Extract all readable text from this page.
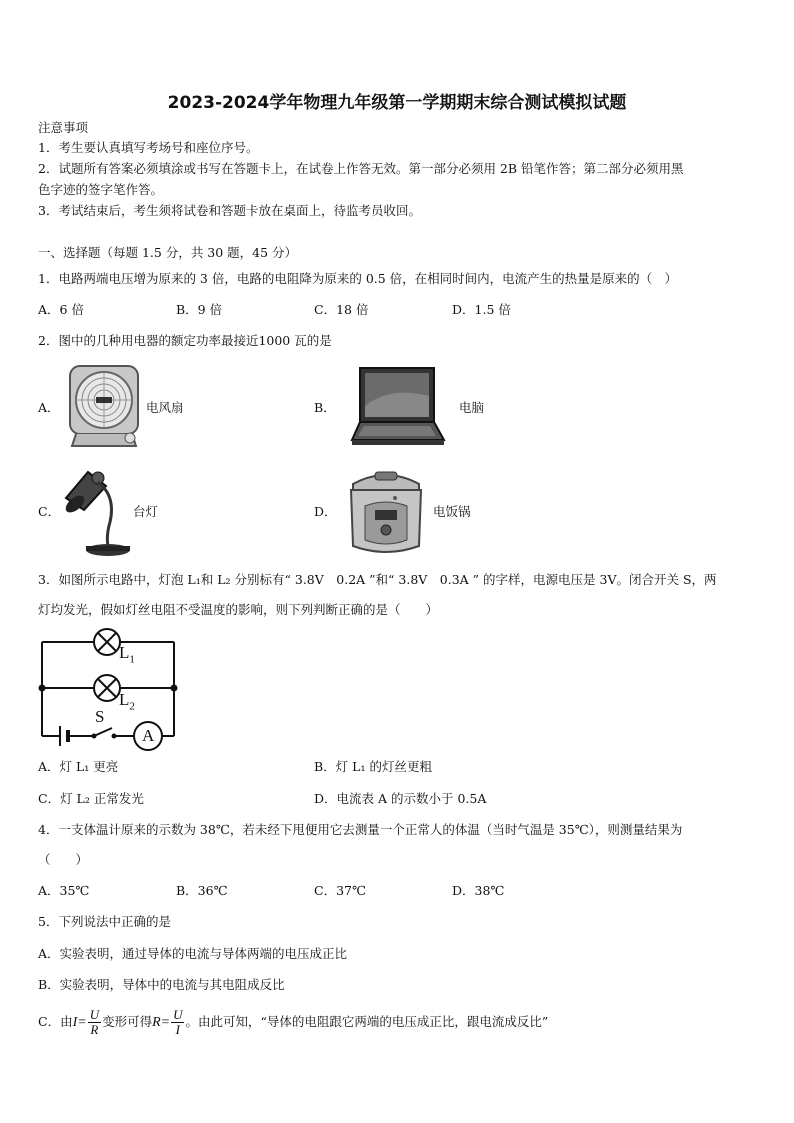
2023-2024学年物理九年级第一学期期末综合测试模拟试题
注意事项
1．考生要认真填写考场号和座位序号。
2．试题所有答案必须填涂或书写在答题卡上，在试卷上作答无效。第一部分必须用 2B 铅笔作答；第二部分必须用黑
色字迹的签字笔作答。
3．考试结束后，考生须将试卷和答题卡放在桌面上，待监考员收回。
一、选择题（每题 1.5 分，共 30 题，45 分）
1．电路两端电压增为原来的 3 倍，电路的电阻降为原来的 0.5 倍，在相同时间内，电流产生的热量是原来的（　）
A．6 倍	B．9 倍	C．18 倍	D．1.5 倍
2．图中的几种用电器的额定功率最接近1000 瓦的是
A．	电风扇	B．	电脑
C．	台灯	D．	电饭锅
3．如图所示电路中，灯泡 L₁和 L₂ 分别标有“ 3.8V　0.2A ”和“ 3.8V　0.3A ” 的字样，电源电压是 3V。闭合开关 S，两
灯均发光，假如灯丝电阻不受温度的影响，则下列判断正确的是（　　）
$L_1$
$L_2$
S
A
A．灯 L₁ 更亮	B．灯 L₁ 的灯丝更粗
C．灯 L₂ 正常发光	D．电流表 A 的示数小于 0.5A
4．一支体温计原来的示数为 38℃，若未经下甩便用它去测量一个正常人的体温（当时气温是 35℃），则测量结果为
（　　）
A．35℃	B．36℃	C．37℃	D．38℃
5．下列说法中正确的是
A．实验表明，通过导体的电流与导体两端的电压成正比
B．实验表明，导体中的电流与其电阻成反比
C．由$I= \frac{U}{R}$ 变形可得$R= \frac{U}{I}$ 。由此可知，“导体的电阻跟它两端的电压成正比，跟电流成反比”
